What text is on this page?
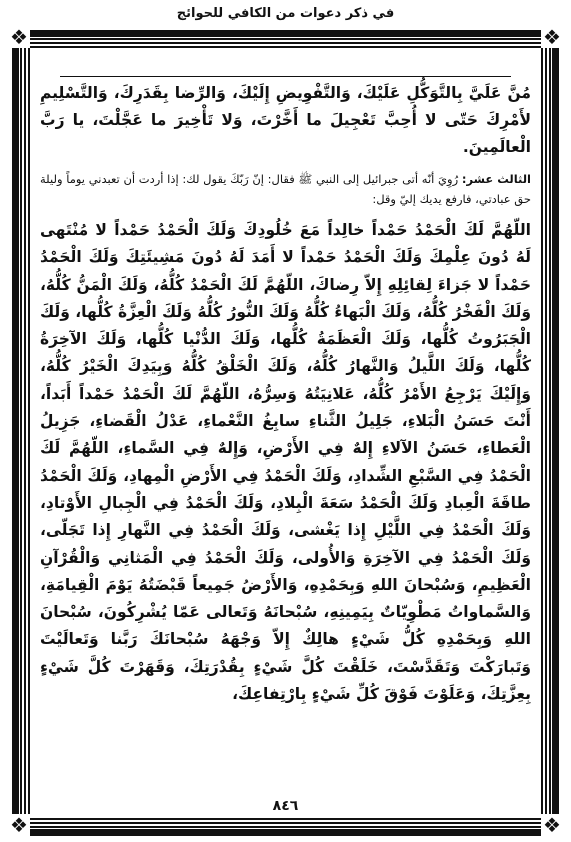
❖	❖
❖	❖
في ذكر دعوات من الكافي للحوائج

مُنَّ عَلَيَّ بِالتَّوَكُّلِ عَلَيْكَ، وَالتَّفْوِيضِ إِلَيْكَ، وَالرِّضا بِقَدَرِكَ، وَالتَّسْلِيمِ لأَمْرِكَ حَتّى لا أُحِبَّ تَعْجِيلَ ما أَخَّرْتَ، وَلا تَأْخِيرَ ما عَجَّلْتَ، يا رَبَّ الْعالَمِينَ.

الثالث عشر: رُوِيَ أنّه أتى جبرائيل إلى النبي ﷺ فقال: إنّ رَبّكَ يقول لك: إذا أردت أن تعبدني يوماً وليلة حق عبادتي، فارفع يديك إليّ وقل:

اللّهُمَّ لَكَ الْحَمْدُ حَمْداً خالِداً مَعَ خُلُودِكَ وَلَكَ الْحَمْدُ حَمْداً لا مُنْتَهى لَهُ دُونَ عِلْمِكَ وَلَكَ الْحَمْدُ حَمْداً لا أَمَدَ لَهُ دُونَ مَشِيئَتِكَ وَلَكَ الْحَمْدُ حَمْداً لا جَزاءَ لِقائِلِهِ إِلاّ رِضاكَ، اللّهُمَّ لَكَ الْحَمْدُ كُلُّهُ، وَلَكَ الْمَنُّ كُلُّهُ، وَلَكَ الْفَخْرُ كُلُّهُ، وَلَكَ الْبَهاءُ كُلُّهُ وَلَكَ النُّورُ كُلُّهُ وَلَكَ الْعِزَّةُ كُلُّها، وَلَكَ الْجَبَرُوتُ كُلُّها، وَلَكَ الْعَظَمَةُ كُلُّها، وَلَكَ الدُّنْيا كُلُّها، وَلَكَ الآخِرَةُ كُلُّها، وَلَكَ اللَّيلُ وَالنَّهارُ كُلُّهُ، وَلَكَ الْخَلْقُ كُلُّهُ وَبِيَدِكَ الْخَيْرُ كُلُّهُ، وَإِلَيْكَ يَرْجِعُ الأَمْرُ كُلُّهُ، عَلانِيَتُهُ وَسِرُّهُ، اللّهُمَّ لَكَ الْحَمْدُ حَمْداً أَبَداً، أَنْتَ حَسَنُ الْبَلاءِ، جَلِيلُ الثَّناءِ سابِغُ النَّعْماءِ، عَدْلُ الْقَضاءِ، جَزِيلُ الْعَطاءِ، حَسَنُ الآلاءِ إِلهٌ فِي الأَرْضِ، وَإِلهٌ فِي السَّماءِ، اللّهُمَّ لَكَ الْحَمْدُ فِي السَّبْعِ الشِّدادِ، وَلَكَ الْحَمْدُ فِي الأَرْضِ الْمِهادِ، وَلَكَ الْحَمْدُ طاقَةَ الْعِبادِ وَلَكَ الْحَمْدُ سَعَةَ الْبِلادِ، وَلَكَ الْحَمْدُ فِي الْجِبالِ الأَوْتادِ، وَلَكَ الْحَمْدُ فِي اللَّيْلِ إِذا يَغْشى، وَلَكَ الْحَمْدُ فِي النَّهارِ إِذا تَجَلّى، وَلَكَ الْحَمْدُ فِي الآخِرَةِ وَالأُولى، وَلَكَ الْحَمْدُ فِي الْمَثانِي وَالْقُرْآنِ الْعَظِيمِ، وَسُبْحانَ اللهِ وَبِحَمْدِهِ، وَالأَرْضُ جَمِيعاً قَبْضَتُهُ يَوْمَ الْقِيامَةِ، وَالسَّماواتُ مَطْوِيّاتٌ بِيَمِينِهِ، سُبْحانَهُ وَتَعالى عَمّا يُشْرِكُونَ، سُبْحانَ اللهِ وَبِحَمْدِهِ كُلُّ شَيْءٍ هالِكٌ إِلاّ وَجْهَهُ سُبْحانَكَ رَبَّنا وَتَعالَيْتَ وَتَبارَكْتَ وَتَقَدَّسْتَ، خَلَقْتَ كُلَّ شَيْءٍ بِقُدْرَتِكَ، وَقَهَرْتَ كُلَّ شَيْءٍ بِعِزَّتِكَ، وَعَلَوْتَ فَوْقَ كُلِّ شَيْءٍ بِارْتِفاعِكَ،

٨٤٦
